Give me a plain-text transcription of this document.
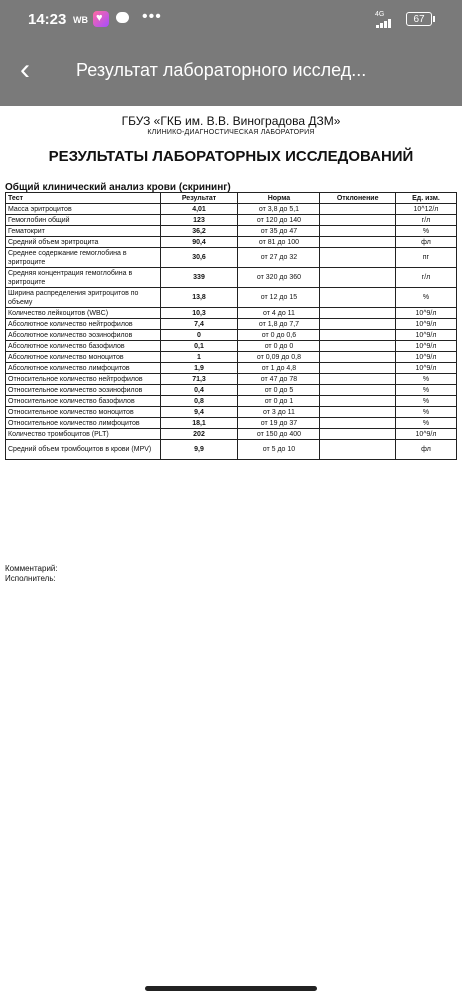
14:23 WB ♥ •••	4G	67
‹	Результат лабораторного исслед...
ГБУЗ «ГКБ им. В.В. Виноградова ДЗМ»
КЛИНИКО-ДИАГНОСТИЧЕСКАЯ ЛАБОРАТОРИЯ
РЕЗУЛЬТАТЫ ЛАБОРАТОРНЫХ ИССЛЕДОВАНИЙ
Общий клинический анализ крови (скрининг)
Тест	Результат	Норма	Отклонение	Ед. изм.
Масса эритроцитов	4,01	от 3,8 до 5,1		10^12/л
Гемоглобин общий	123	от 120 до 140		г/л
Гематокрит	36,2	от 35 до 47		%
Средний объем эритроцита	90,4	от 81 до 100		фл
Среднее содержание гемоглобина в эритроците	30,6	от 27 до 32		пг
Средняя концентрация гемоглобина в эритроците	339	от 320 до 360		г/л
Ширина распределения эритроцитов по объему	13,8	от 12 до 15		%
Количество лейкоцитов (WBC)	10,3	от 4 до 11		10^9/л
Абсолютное количество нейтрофилов	7,4	от 1,8 до 7,7		10^9/л
Абсолютное количество эозинофилов	0	от 0 до 0,6		10^9/л
Абсолютное количество базофилов	0,1	от 0 до 0		10^9/л
Абсолютное количество моноцитов	1	от 0,09 до 0,8		10^9/л
Абсолютное количество лимфоцитов	1,9	от 1 до 4,8		10^9/л
Относительное количество нейтрофилов	71,3	от 47 до 78		%
Относительное количество эозинофилов	0,4	от 0 до 5		%
Относительное количество базофилов	0,8	от 0 до 1		%
Относительное количество моноцитов	9,4	от 3 до 11		%
Относительное количество лимфоцитов	18,1	от 19 до 37		%
Количество тромбоцитов (PLT)	202	от 150 до 400		10^9/л
Средний объем тромбоцитов в крови (MPV)	9,9	от 5 до 10		фл
Комментарий:
Исполнитель:
